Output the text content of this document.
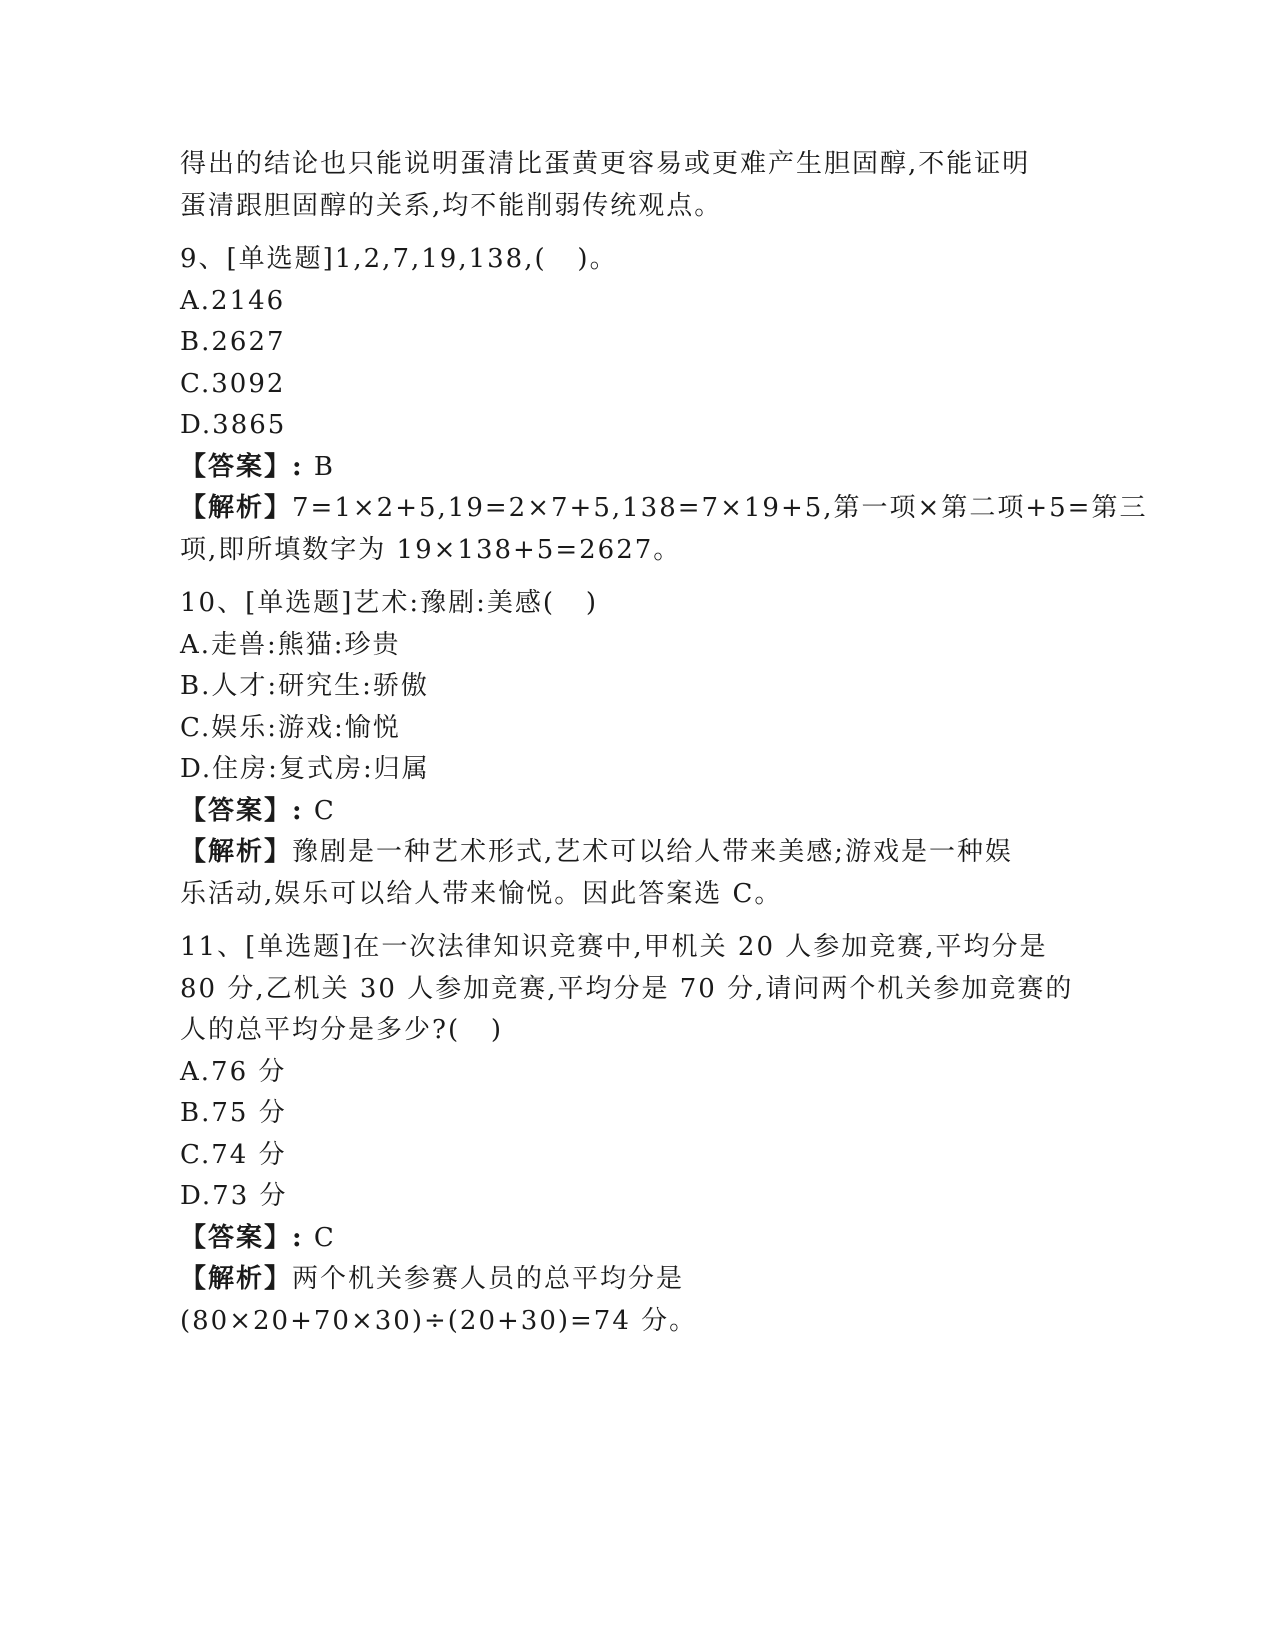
得出的结论也只能说明蛋清比蛋黄更容易或更难产生胆固醇,不能证明
蛋清跟胆固醇的关系,均不能削弱传统观点。
9、[单选题]1,2,7,19,138,(   )。
A.2146
B.2627
C.3092
D.3865
【答案】: B
【解析】7=1×2+5,19=2×7+5,138=7×19+5,第一项×第二项+5=第三
项,即所填数字为 19×138+5=2627。
10、[单选题]艺术:豫剧:美感(   )
A.走兽:熊猫:珍贵
B.人才:研究生:骄傲
C.娱乐:游戏:愉悦
D.住房:复式房:归属
【答案】: C
【解析】豫剧是一种艺术形式,艺术可以给人带来美感;游戏是一种娱
乐活动,娱乐可以给人带来愉悦。因此答案选 C。
11、[单选题]在一次法律知识竞赛中,甲机关 20 人参加竞赛,平均分是
80 分,乙机关 30 人参加竞赛,平均分是 70 分,请问两个机关参加竞赛的
人的总平均分是多少?(   )
A.76 分
B.75 分
C.74 分
D.73 分
【答案】: C
【解析】两个机关参赛人员的总平均分是
(80×20+70×30)÷(20+30)=74 分。
